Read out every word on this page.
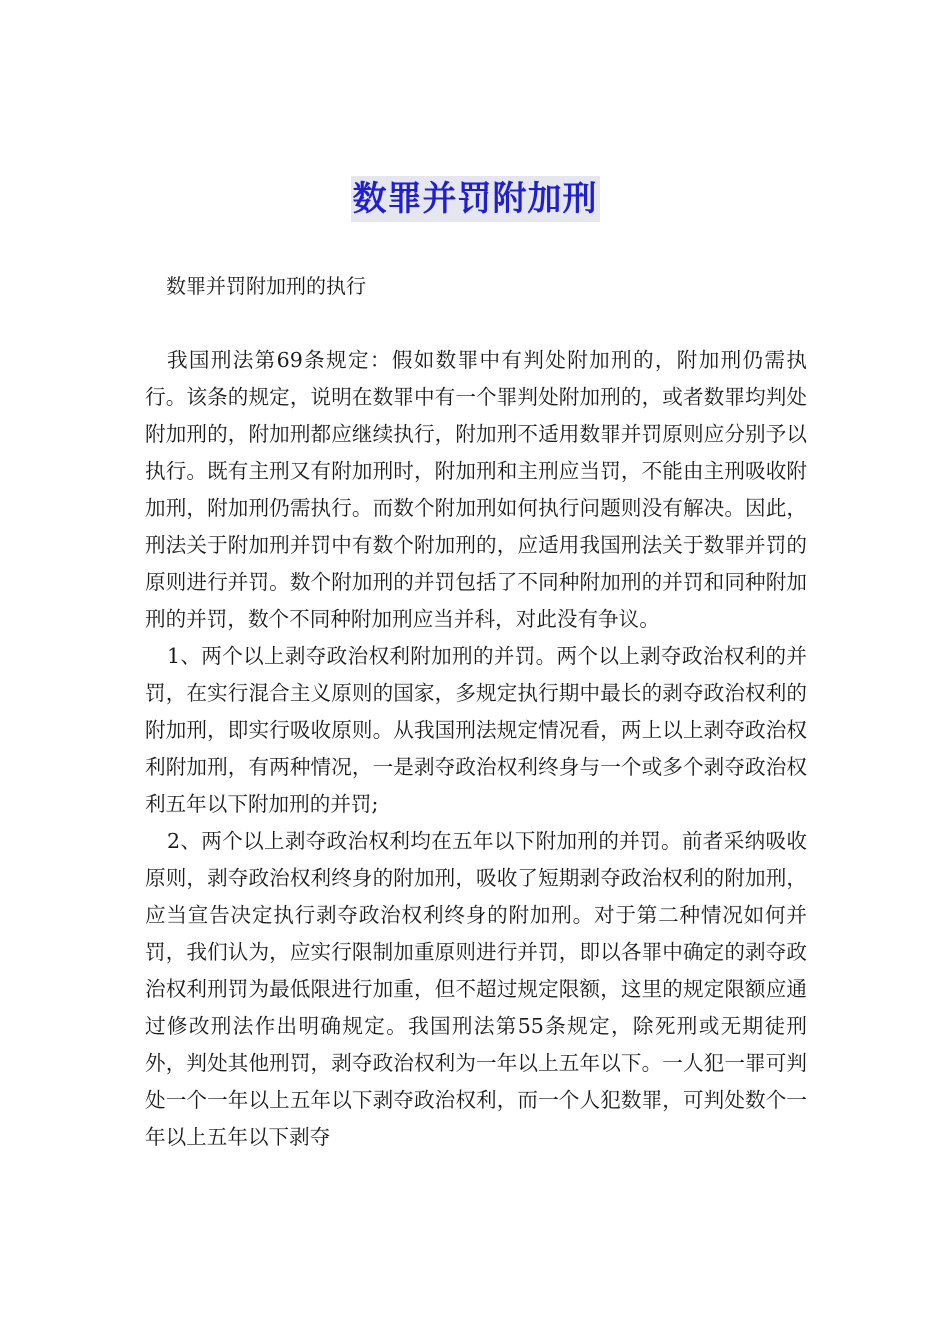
数罪并罚附加刑

数罪并罚附加刑的执行

我国刑法第69条规定：假如数罪中有判处附加刑的，附加刑仍需执行。该条的规定，说明在数罪中有一个罪判处附加刑的，或者数罪均判处附加刑的，附加刑都应继续执行，附加刑不适用数罪并罚原则应分别予以执行。既有主刑又有附加刑时，附加刑和主刑应当罚，不能由主刑吸收附加刑，附加刑仍需执行。而数个附加刑如何执行问题则没有解决。因此，刑法关于附加刑并罚中有数个附加刑的，应适用我国刑法关于数罪并罚的原则进行并罚。数个附加刑的并罚包括了不同种附加刑的并罚和同种附加刑的并罚，数个不同种附加刑应当并科，对此没有争议。

1、两个以上剥夺政治权利附加刑的并罚。两个以上剥夺政治权利的并罚，在实行混合主义原则的国家，多规定执行期中最长的剥夺政治权利的附加刑，即实行吸收原则。从我国刑法规定情况看，两上以上剥夺政治权利附加刑，有两种情况，一是剥夺政治权利终身与一个或多个剥夺政治权利五年以下附加刑的并罚;

2、两个以上剥夺政治权利均在五年以下附加刑的并罚。前者采纳吸收原则，剥夺政治权利终身的附加刑，吸收了短期剥夺政治权利的附加刑，应当宣告决定执行剥夺政治权利终身的附加刑。对于第二种情况如何并罚，我们认为，应实行限制加重原则进行并罚，即以各罪中确定的剥夺政治权利刑罚为最低限进行加重，但不超过规定限额，这里的规定限额应通过修改刑法作出明确规定。我国刑法第55条规定，除死刑或无期徒刑外，判处其他刑罚，剥夺政治权利为一年以上五年以下。一人犯一罪可判处一个一年以上五年以下剥夺政治权利，而一个人犯数罪，可判处数个一年以上五年以下剥夺
